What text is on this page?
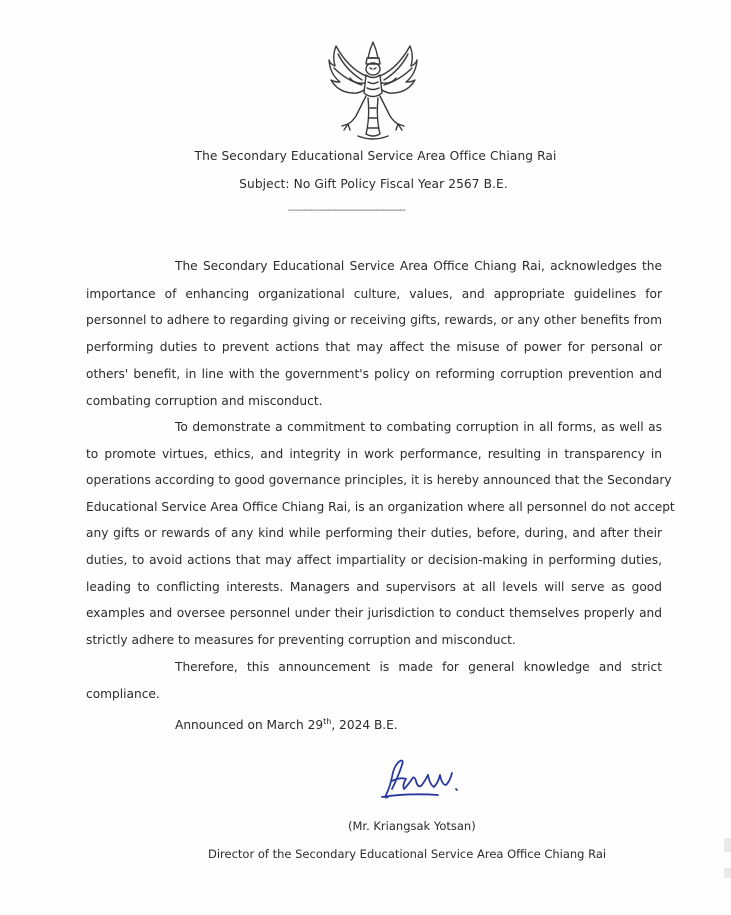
The Secondary Educational Service Area Office Chiang Rai
Subject: No Gift Policy Fiscal Year 2567 B.E.
---------------------------------------
The Secondary Educational Service Area Office Chiang Rai, acknowledges the
importance of enhancing organizational culture, values, and appropriate guidelines for
personnel to adhere to regarding giving or receiving gifts, rewards, or any other benefits from
performing duties to prevent actions that may affect the misuse of power for personal or
others' benefit, in line with the government's policy on reforming corruption prevention and
combating corruption and misconduct.
To demonstrate a commitment to combating corruption in all forms, as well as
to promote virtues, ethics, and integrity in work performance, resulting in transparency in
operations according to good governance principles, it is hereby announced that the Secondary
Educational Service Area Office Chiang Rai, is an organization where all personnel do not accept
any gifts or rewards of any kind while performing their duties, before, during, and after their
duties, to avoid actions that may affect impartiality or decision-making in performing duties,
leading to conflicting interests. Managers and supervisors at all levels will serve as good
examples and oversee personnel under their jurisdiction to conduct themselves properly and
strictly adhere to measures for preventing corruption and misconduct.
Therefore, this announcement is made for general knowledge and strict
compliance.
Announced on March 29th, 2024 B.E.
(Mr. Kriangsak Yotsan)
Director of the Secondary Educational Service Area Office Chiang Rai
